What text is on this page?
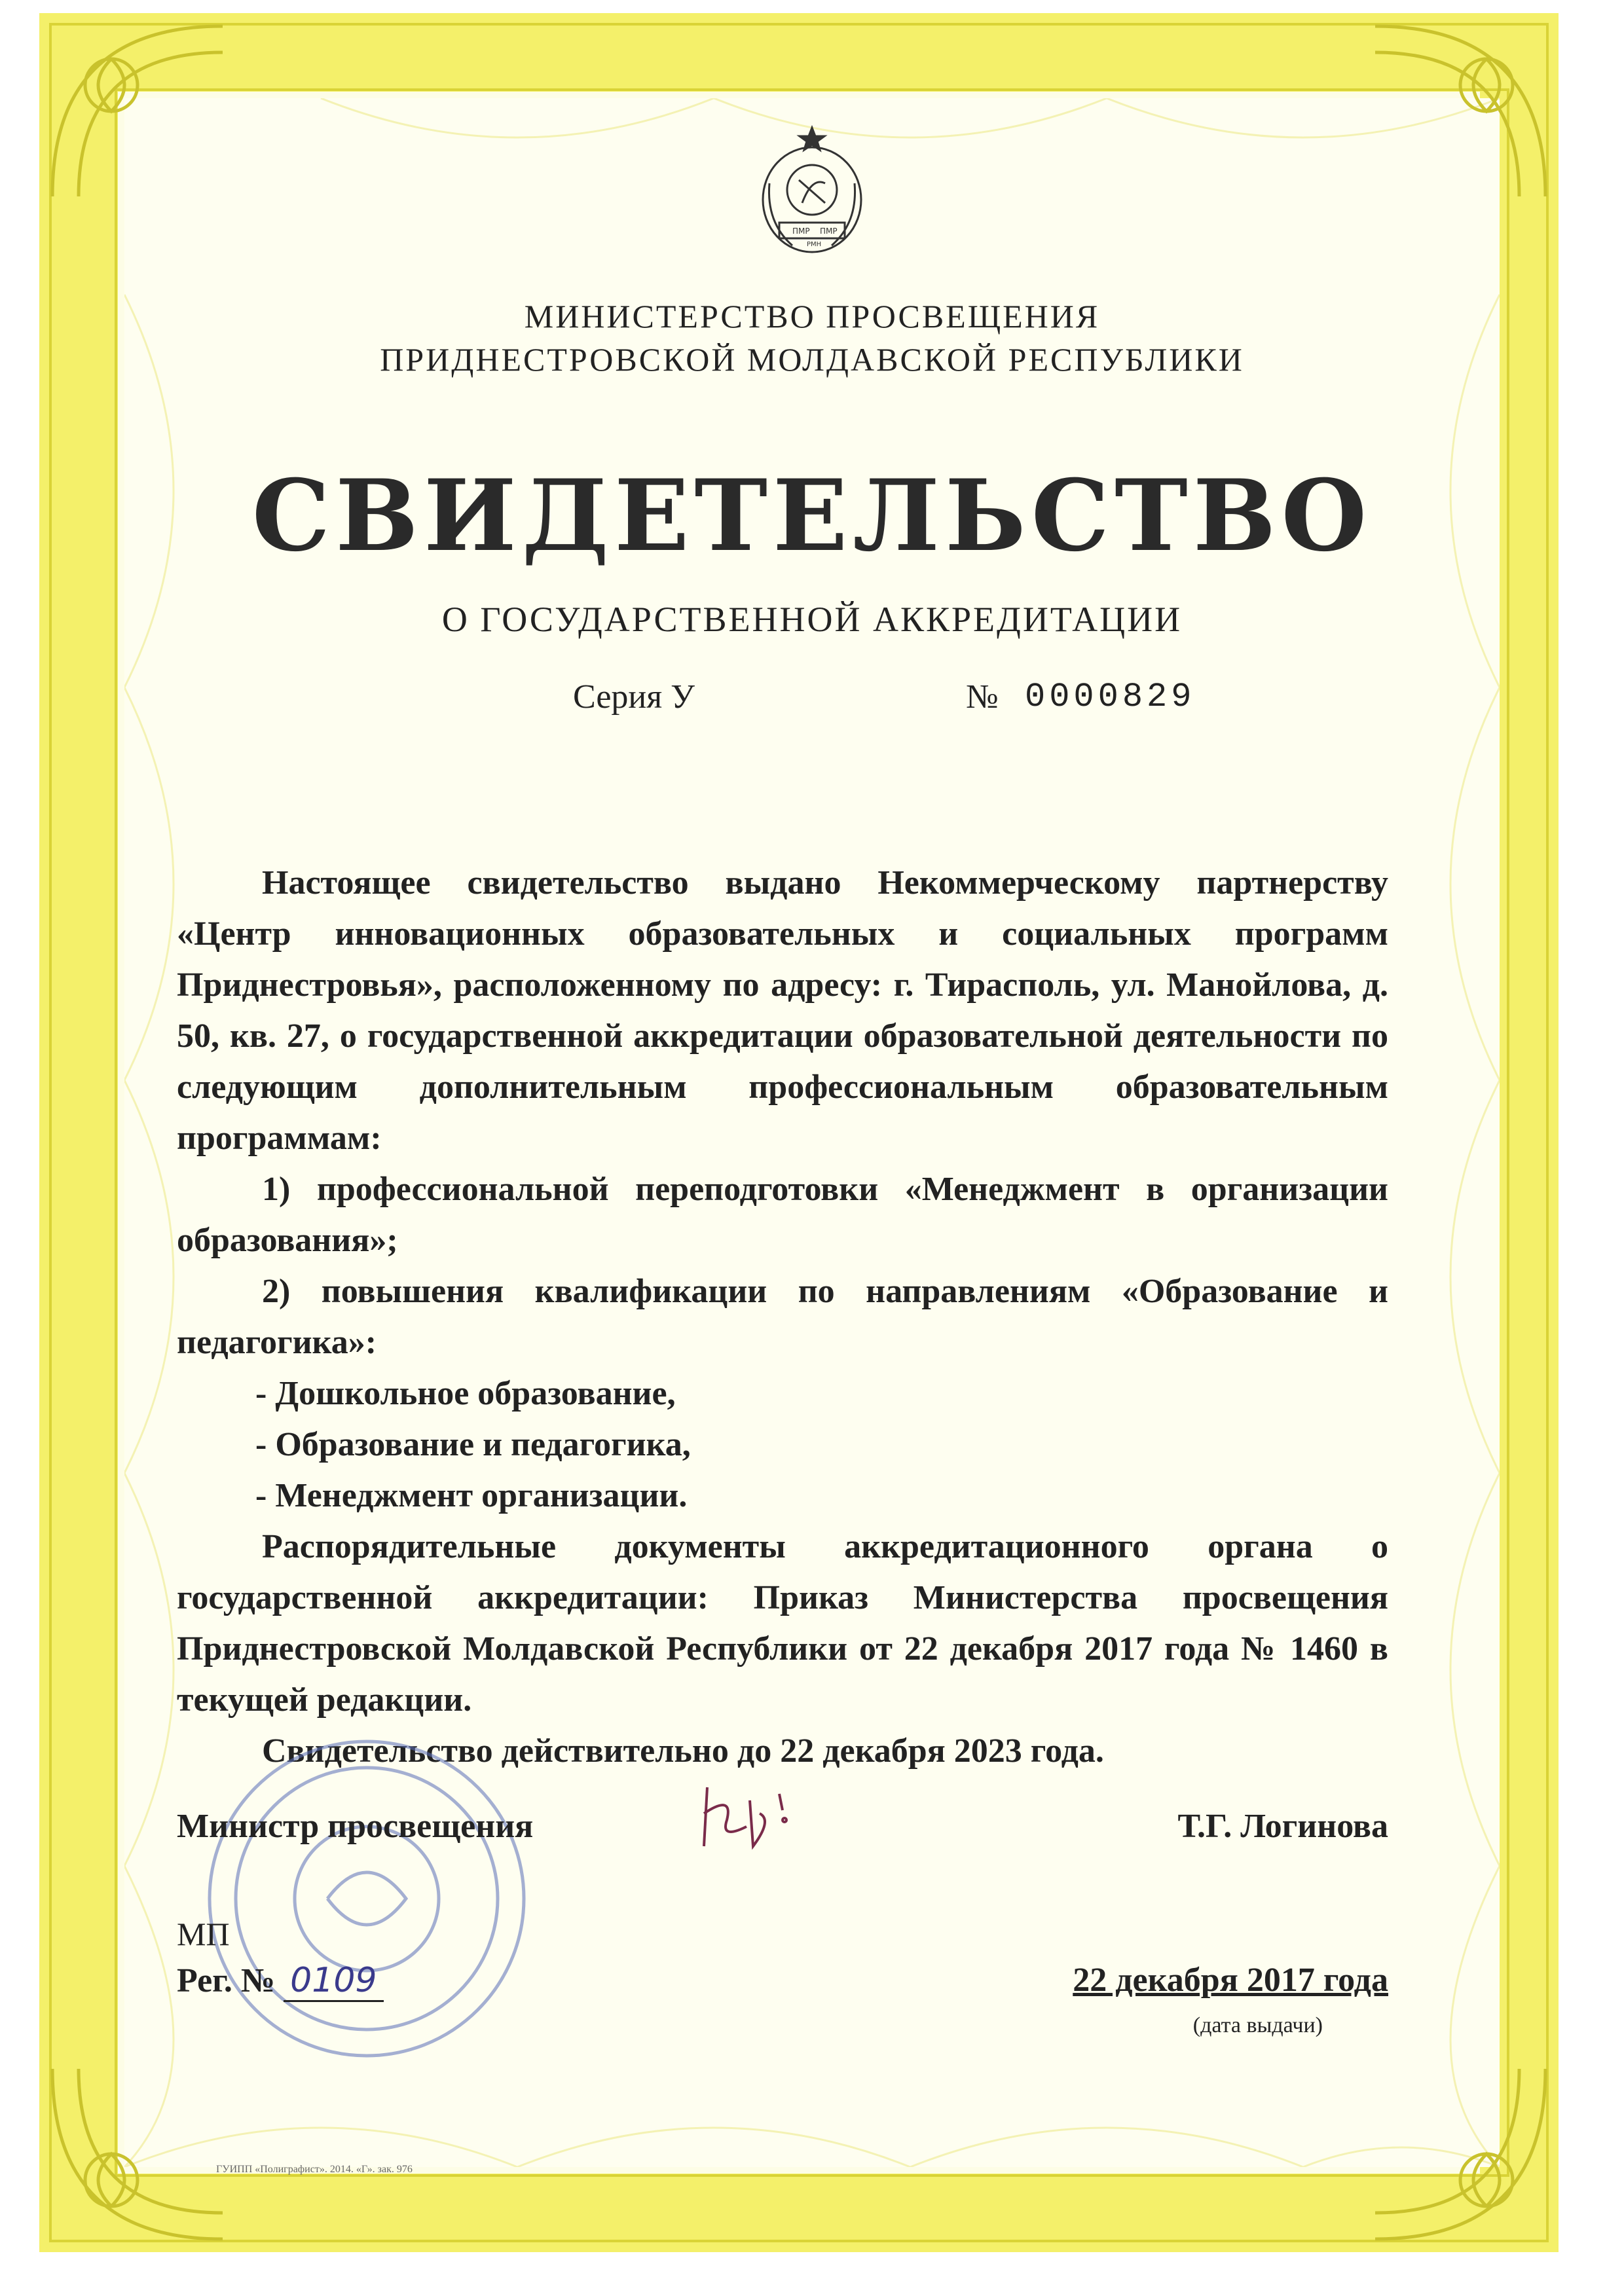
ПМР
РМН
ПМР
МИНИСТЕРСТВО ПРОСВЕЩЕНИЯ
ПРИДНЕСТРОВСКОЙ МОЛДАВСКОЙ РЕСПУБЛИКИ
СВИДЕТЕЛЬСТВО
О ГОСУДАРСТВЕННОЙ АККРЕДИТАЦИИ
Серия У	№ 0000829

Настоящее свидетельство выдано Некоммерческому партнерству «Центр инновационных образовательных и социальных программ Приднестровья», расположенному по адресу: г. Тирасполь, ул. Манойлова, д. 50, кв. 27, о государственной аккредитации образовательной деятельности по следующим дополнительным профессиональным образовательным программам:

1) профессиональной переподготовки «Менеджмент в организации образования»;

2) повышения квалификации по направлениям «Образование и педагогика»:

- Дошкольное образование,

- Образование и педагогика,

- Менеджмент организации.

Распорядительные документы аккредитационного органа о государственной аккредитации: Приказ Министерства просвещения Приднестровской Молдавской Республики от 22 декабря 2017 года № 1460 в текущей редакции.

Свидетельство действительно до 22 декабря 2023 года.

Министр просвещения	Т.Г. Логинова
МП
Рег. № 0109	22 декабря 2017 года
(дата выдачи)
ГУИПП «Полиграфист». 2014. «Г». зак. 976
